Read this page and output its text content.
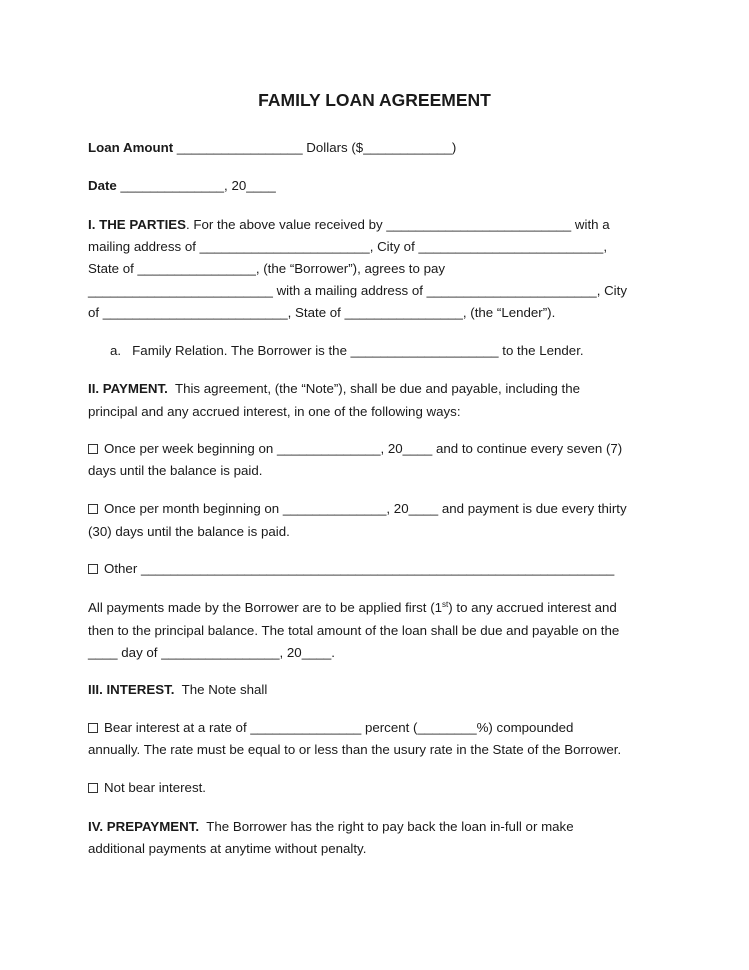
FAMILY LOAN AGREEMENT
Loan Amount _________________ Dollars ($____________)
Date ______________, 20____
I. THE PARTIES. For the above value received by _________________________ with a
mailing address of _______________________, City of _________________________,
State of ________________, (the “Borrower”), agrees to pay
_________________________ with a mailing address of _______________________, City
of _________________________, State of ________________, (the “Lender”).
a.   Family Relation. The Borrower is the ____________________ to the Lender.
II. PAYMENT.  This agreement, (the “Note”), shall be due and payable, including the
principal and any accrued interest, in one of the following ways:
Once per week beginning on ______________, 20____ and to continue every seven (7)
days until the balance is paid.
Once per month beginning on ______________, 20____ and payment is due every thirty
(30) days until the balance is paid.
Other ________________________________________________________________
All payments made by the Borrower are to be applied first (1st) to any accrued interest and
then to the principal balance. The total amount of the loan shall be due and payable on the
____ day of ________________, 20____.
III. INTEREST.  The Note shall
Bear interest at a rate of _______________ percent (________%) compounded
annually. The rate must be equal to or less than the usury rate in the State of the Borrower.
Not bear interest.
IV. PREPAYMENT.  The Borrower has the right to pay back the loan in-full or make
additional payments at anytime without penalty.
